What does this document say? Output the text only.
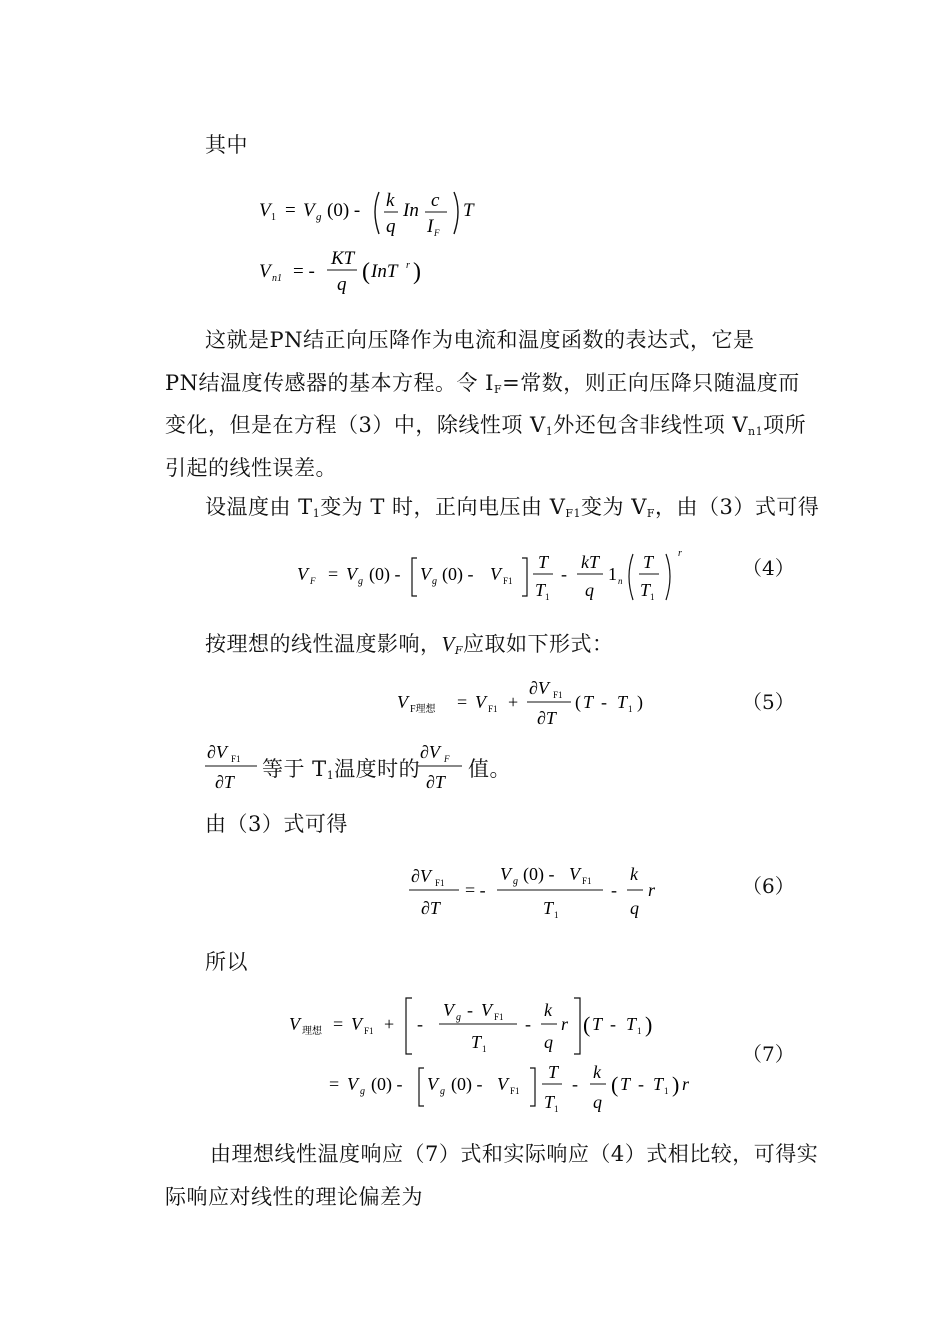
其中
V 1 = V g (0) - k
q
In c
I F
T
V n1 = -
KT
q ( InT r )
这就是PN结正向压降作为电流和温度函数的表达式，它是
PN结温度传感器的基本方程。令 $I_F=$常数，则正向压降只随温度而
变化，但是在方程（3）中，除线性项 $V_1$外还包含非线性项 $V_{n1}$项所
引起的线性误差。
设温度由 $T_1$变为 T 时，正向电压由 $V_{F1}$变为 $V_F$，由（3）式可得
V F = V g (0) - V g (0) - V F1
T
T 1
-
kT
q
1 n
T
T 1
r
（4）
按理想的线性温度影响，VF应取如下形式：
V F理想 = V F1 +
∂V F1
∂T
( T - T 1 )	（5）
∂V F1
∂T
等于 $T_1$温度时的
∂V F
∂T
值。
由（3）式可得
∂V F1
∂T
= -
V g (0) - V F1
T 1
-
k
q
r	（6）
所以
V 理想 = V F1 + -
V g - V F1
T 1
-
k
q
r ( T - T 1 )
= V g (0) - V g (0) - V F1
T
T 1
-
k
q
( T - T 1 ) r
（7）
由理想线性温度响应（7）式和实际响应（4）式相比较，可得实
际响应对线性的理论偏差为
